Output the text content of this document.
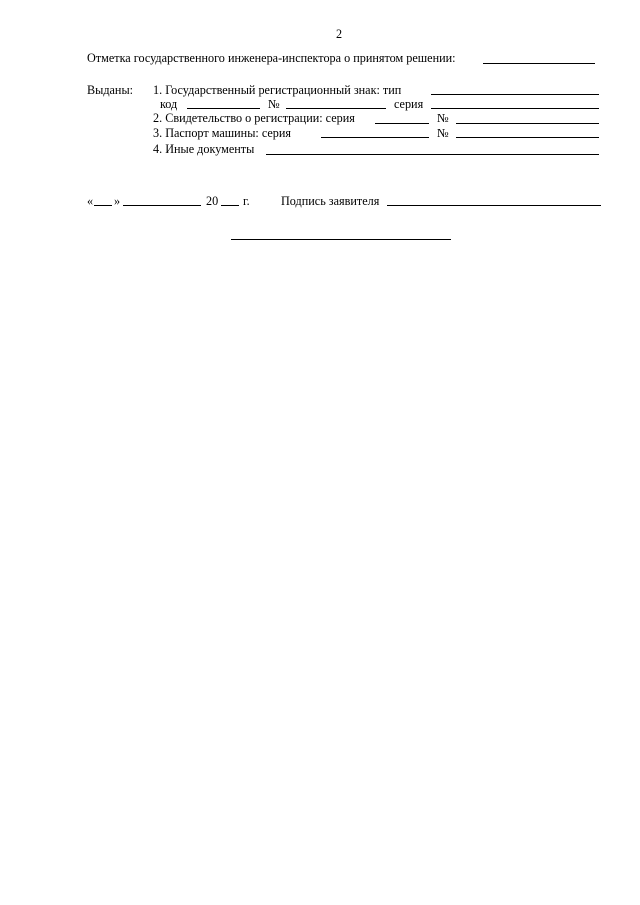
2
Отметка государственного инженера-инспектора о принятом решении:
Выданы: 1. Государственный регистрационный знак: тип
код	№	серия
2. Свидетельство о регистрации: серия	№
3. Паспорт машины: серия	№
4. Иные документы
« »	20 г.	Подпись заявителя
